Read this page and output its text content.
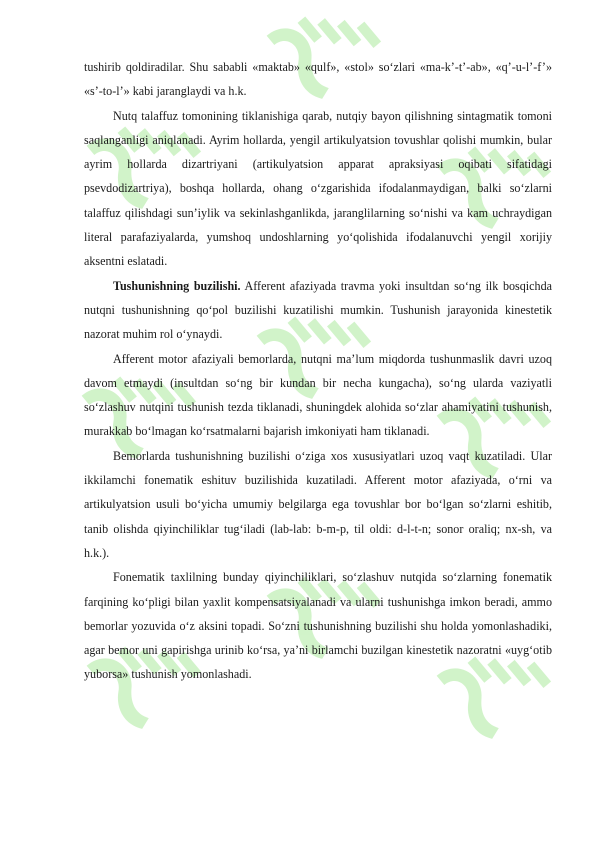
tushirib qoldiradilar. Shu sababli «maktab» «qulf», «stol» so‘zlari «ma-k’-t’-ab», «q’-u-l’-f’» «s’-to-l’» kabi jaranglaydi va h.k.

Nutq talaffuz tomonining tiklanishiga qarab, nutqiy bayon qilishning sintagmatik tomoni saqlanganligi aniqlanadi. Ayrim hollarda, yengil artikulyatsion tovushlar qolishi mumkin, bular ayrim hollarda dizartriyani (artikulyatsion apparat apraksiyasi oqibati sifatidagi psevdodizartriya), boshqa hollarda, ohang o‘zgarishida ifodalanmaydigan, balki so‘zlarni talaffuz qilishdagi sun’iylik va sekinlashganlikda, jaranglilarning so‘nishi va kam uchraydigan literal parafaziyalarda, yumshoq undoshlarning yo‘qolishida ifodalanuvchi yengil xorijiy aksentni eslatadi.

Tushunishning buzilishi. Afferent afaziyada travma yoki insultdan so‘ng ilk bosqichda nutqni tushunishning qo‘pol buzilishi kuzatilishi mumkin. Tushunish jarayonida kinestetik nazorat muhim rol o‘ynaydi.

Afferent motor afaziyali bemorlarda, nutqni ma’lum miqdorda tushunmaslik davri uzoq davom etmaydi (insultdan so‘ng bir kundan bir necha kungacha), so‘ng ularda vaziyatli so‘zlashuv nutqini tushunish tezda tiklanadi, shuningdek alohida so‘zlar ahamiyatini tushunish, murakkab bo‘lmagan ko‘rsatmalarni bajarish imkoniyati ham tiklanadi.

Bemorlarda tushunishning buzilishi o‘ziga xos xususiyatlari uzoq vaqt kuzatiladi. Ular ikkilamchi fonematik eshituv buzilishida kuzatiladi. Afferent motor afaziyada, o‘rni va artikulyatsion usuli bo‘yicha umumiy belgilarga ega tovushlar bor bo‘lgan so‘zlarni eshitib, tanib olishda qiyinchiliklar tug‘iladi (lab-lab: b-m-p, til oldi: d-l-t-n; sonor oraliq; nx-sh, va h.k.).

Fonematik taxlilning bunday qiyinchiliklari, so‘zlashuv nutqida so‘zlarning fonematik farqining ko‘pligi bilan yaxlit kompensatsiyalanadi va ularni tushunishga imkon beradi, ammo bemorlar yozuvida o‘z aksini topadi. So‘zni tushunishning buzilishi shu holda yomonlashadiki, agar bemor uni gapirishga urinib ko‘rsa, ya’ni birlamchi buzilgan kinestetik nazoratni «uyg‘otib yuborsa» tushunish yomonlashadi.
